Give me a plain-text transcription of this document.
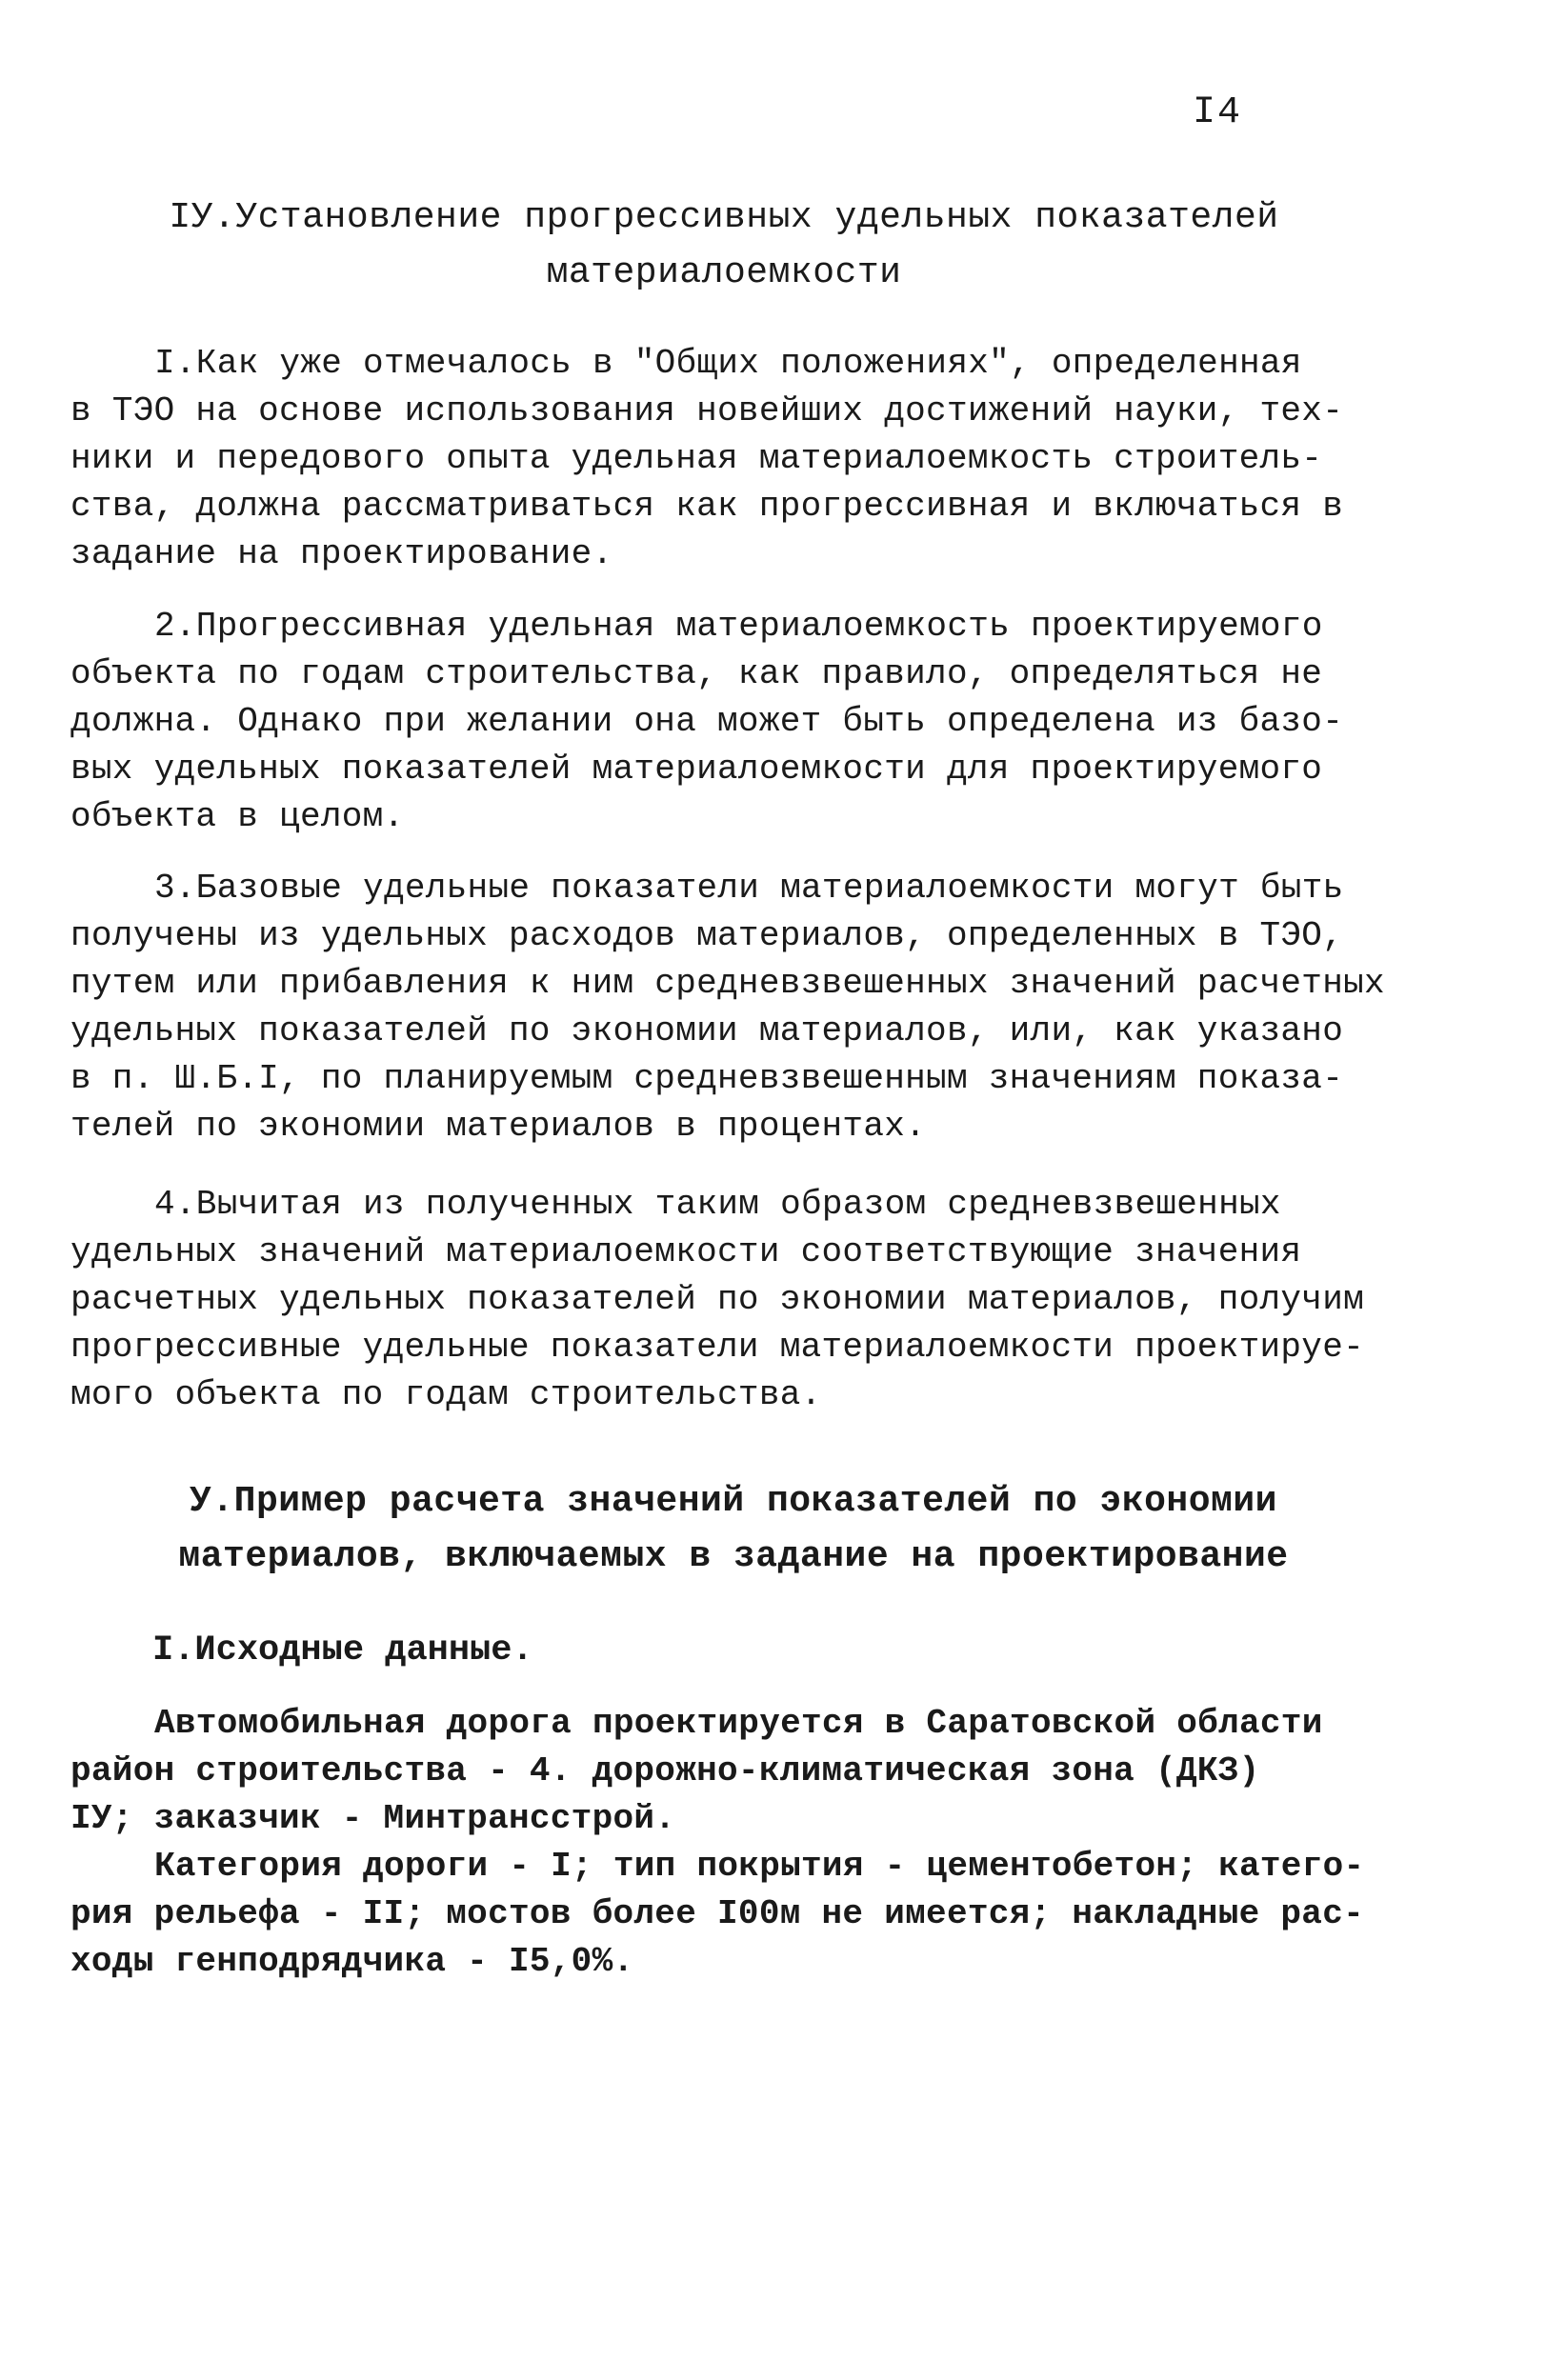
I4
IУ.Установление прогрессивных удельных показателей
материалоемкости
I.Как уже отмечалось в "Общих положениях", определенная
в ТЭО на основе использования новейших достижений науки, тех-
ники и передового опыта удельная материалоемкость строитель-
ства, должна рассматриваться как прогрессивная и включаться в
задание на проектирование.
2.Прогрессивная удельная материалоемкость проектируемого
объекта по годам строительства, как правило, определяться не
должна. Однако при желании она может быть определена из базо-
вых удельных показателей материалоемкости для проектируемого
объекта в целом.
3.Базовые удельные показатели материалоемкости могут быть
получены из удельных расходов материалов, определенных в ТЭО,
путем или прибавления к ним средневзвешенных значений расчетных
удельных показателей по экономии материалов, или, как указано
в п. Ш.Б.I, по планируемым средневзвешенным значениям показа-
телей по экономии материалов в процентах.
4.Вычитая из полученных таким образом средневзвешенных
удельных значений материалоемкости соответствующие значения
расчетных удельных показателей по экономии материалов, получим
прогрессивные удельные показатели материалоемкости проектируе-
мого объекта по годам строительства.
У.Пример расчета значений показателей по экономии
материалов, включаемых в задание на проектирование
I.Исходные данные.
Автомобильная дорога проектируется в Саратовской области
район строительства - 4. дорожно-климатическая зона (ДКЗ)
IУ; заказчик - Минтрансстрой.
Категория дороги - I; тип покрытия - цементобетон; катего-
рия рельефа - II; мостов более I00м не имеется; накладные рас-
ходы генподрядчика - I5,0%.
